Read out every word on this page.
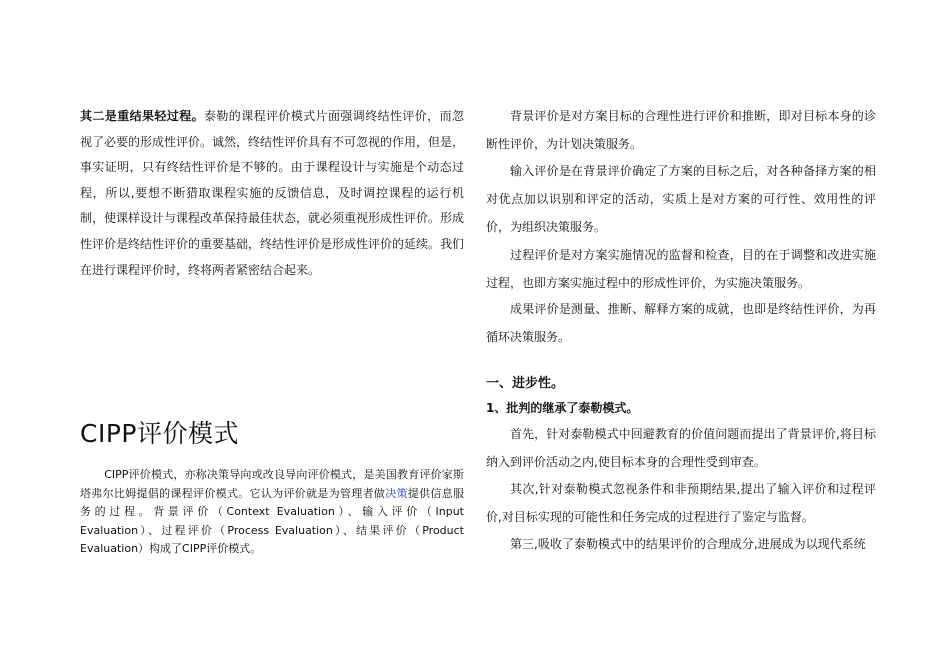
其二是重结果轻过程。泰勒的课程评价模式片面强调终结性评价，而忽视了必要的形成性评价。诚然，终结性评价具有不可忽视的作用，但是，事实证明，只有终结性评价是不够的。由于课程设计与实施是个动态过程，所以,要想不断猎取课程实施的反馈信息，及时调控课程的运行机制，使课样设计与课程改革保持最佳状态，就必须重视形成性评价。形成性评价是终结性评价的重要基础，终结性评价是形成性评价的延续。我们在进行课程评价时，终将两者紧密结合起来。
CIPP评价模式

CIPP评价模式，亦称决策导向或改良导向评价模式，是美国教育评价家斯塔弗尔比姆提倡的课程评价模式。它认为评价就是为管理者做决策提供信息服务的过程。背景评价（Context Evaluation）、输入评价（Input Evaluation）、过程评价（Process Evaluation）、结果评价（Product Evaluation）构成了CIPP评价模式。

背景评价是对方案目标的合理性进行评价和推断，即对目标本身的诊断性评价，为计划决策服务。

输入评价是在背景评价确定了方案的目标之后，对各种备择方案的相对优点加以识别和评定的活动，实质上是对方案的可行性、效用性的评价，为组织决策服务。

过程评价是对方案实施情况的监督和检查，目的在于调整和改进实施过程，也即方案实施过程中的形成性评价，为实施决策服务。

成果评价是测量、推断、解释方案的成就，也即是终结性评价，为再循环决策服务。

一、进步性。

1、批判的继承了泰勒模式。

首先，针对泰勒模式中回避教育的价值问题而提出了背景评价,将目标纳入到评价活动之内,使目标本身的合理性受到审查。

其次,针对泰勒模式忽视条件和非预期结果,提出了输入评价和过程评价,对目标实现的可能性和任务完成的过程进行了鉴定与监督。

第三,吸收了泰勒模式中的结果评价的合理成分,进展成为以现代系统
